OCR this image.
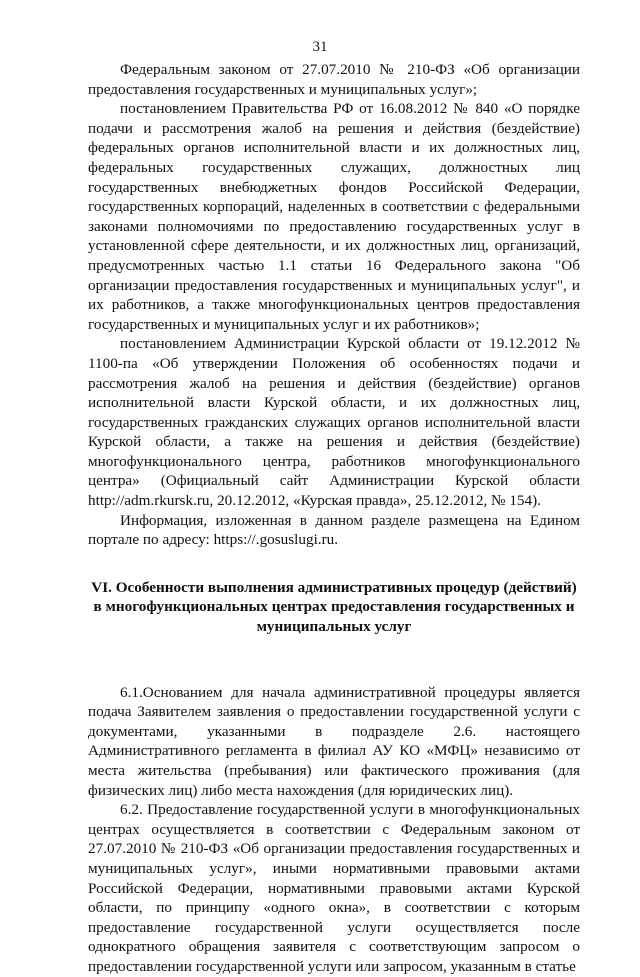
31

Федеральным законом от 27.07.2010 № 210-ФЗ «Об организации предоставления государственных и муниципальных услуг»;

постановлением Правительства РФ от 16.08.2012 № 840 «О порядке подачи и рассмотрения жалоб на решения и действия (бездействие) федеральных органов исполнительной власти и их должностных лиц, федеральных государственных служащих, должностных лиц государственных внебюджетных фондов Российской Федерации, государственных корпораций, наделенных в соответствии с федеральными законами полномочиями по предоставлению государственных услуг в установленной сфере деятельности, и их должностных лиц, организаций, предусмотренных частью 1.1 статьи 16 Федерального закона "Об организации предоставления государственных и муниципальных услуг", и их работников, а также многофункциональных центров предоставления государственных и муниципальных услуг и их работников»;

постановлением Администрации Курской области от 19.12.2012 № 1100-па «Об утверждении Положения об особенностях подачи и рассмотрения жалоб на решения и действия (бездействие) органов исполнительной власти Курской области, и их должностных лиц, государственных гражданских служащих органов исполнительной власти Курской области, а также на решения и действия (бездействие) многофункционального центра, работников многофункционального центра» (Официальный сайт Администрации Курской области http://adm.rkursk.ru, 20.12.2012, «Курская правда», 25.12.2012, № 154).

Информация, изложенная в данном разделе размещена на Едином портале по адресу: https://.gosuslugi.ru.

VI. Особенности выполнения административных процедур (действий) в многофункциональных центрах предоставления государственных и муниципальных услуг

6.1.Основанием для начала административной процедуры является подача Заявителем заявления о предоставлении государственной услуги с документами, указанными в подразделе 2.6. настоящего Административного регламента в филиал АУ КО «МФЦ» независимо от места жительства (пребывания) или фактического проживания (для физических лиц) либо места нахождения (для юридических лиц).

6.2. Предоставление государственной услуги в многофункциональных центрах осуществляется в соответствии с Федеральным законом от 27.07.2010 № 210-ФЗ «Об организации предоставления государственных и муниципальных услуг», иными нормативными правовыми актами Российской Федерации, нормативными правовыми актами Курской области, по принципу «одного окна», в соответствии с которым предоставление государственной услуги осуществляется после однократного обращения заявителя с соответствующим запросом о предоставлении государственной услуги или запросом, указанным в статье
